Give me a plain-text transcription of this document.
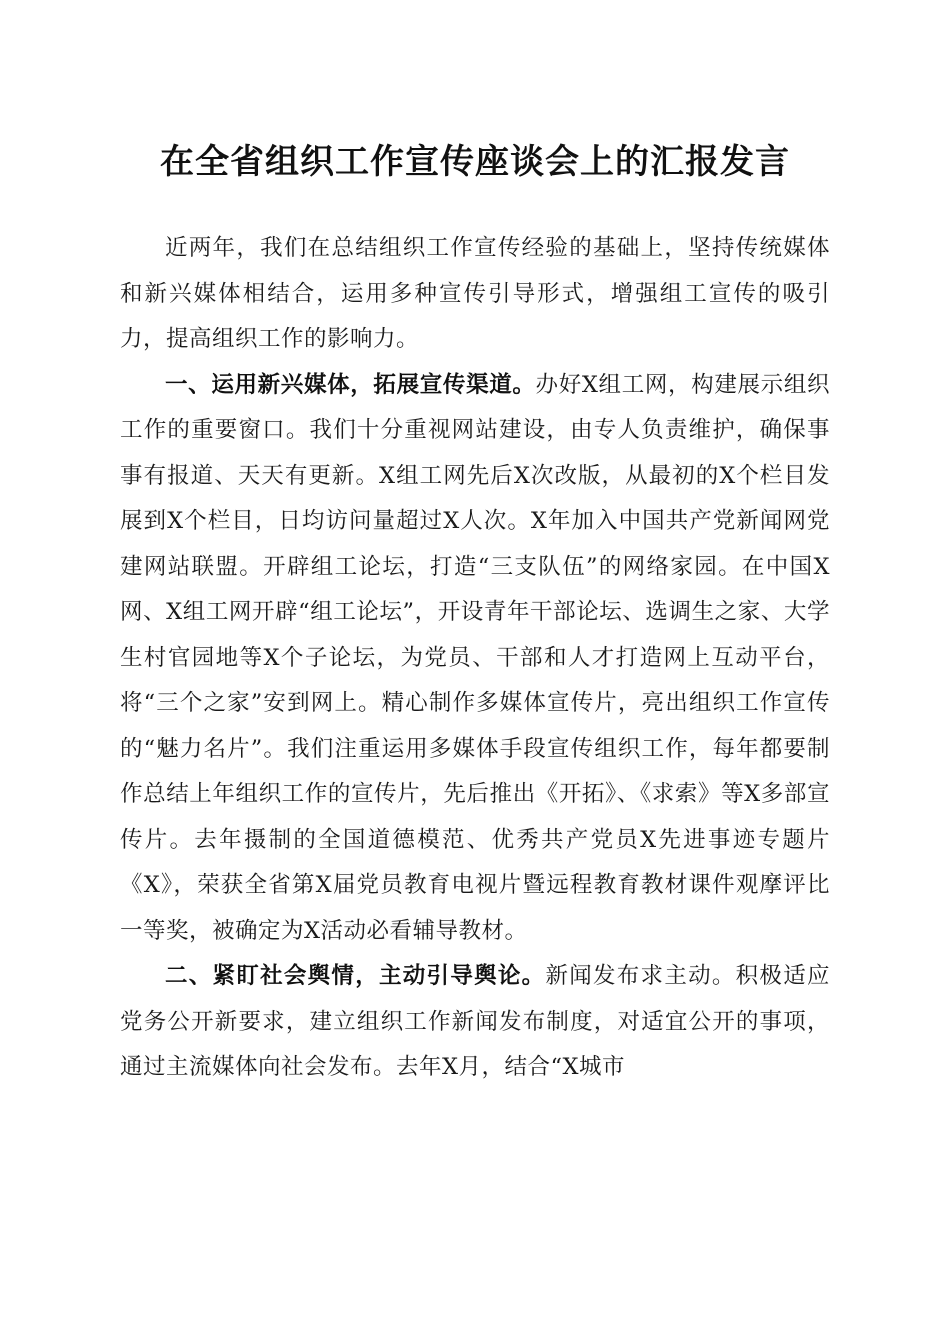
在全省组织工作宣传座谈会上的汇报发言

近两年，我们在总结组织工作宣传经验的基础上，坚持传统媒体和新兴媒体相结合，运用多种宣传引导形式，增强组工宣传的吸引力，提高组织工作的影响力。

一、运用新兴媒体，拓展宣传渠道。办好X组工网，构建展示组织工作的重要窗口。我们十分重视网站建设，由专人负责维护，确保事事有报道、天天有更新。X组工网先后X次改版，从最初的X个栏目发展到X个栏目，日均访问量超过X人次。X年加入中国共产党新闻网党建网站联盟。开辟组工论坛，打造“三支队伍”的网络家园。在中国X网、X组工网开辟“组工论坛”，开设青年干部论坛、选调生之家、大学生村官园地等X个子论坛，为党员、干部和人才打造网上互动平台，将“三个之家”安到网上。精心制作多媒体宣传片，亮出组织工作宣传的“魅力名片”。我们注重运用多媒体手段宣传组织工作，每年都要制作总结上年组织工作的宣传片，先后推出《开拓》、《求索》等X多部宣传片。去年摄制的全国道德模范、优秀共产党员X先进事迹专题片《X》，荣获全省第X届党员教育电视片暨远程教育教材课件观摩评比一等奖，被确定为X活动必看辅导教材。

二、紧盯社会舆情，主动引导舆论。新闻发布求主动。积极适应党务公开新要求，建立组织工作新闻发布制度，对适宜公开的事项，通过主流媒体向社会发布。去年X月，结合“X城市
